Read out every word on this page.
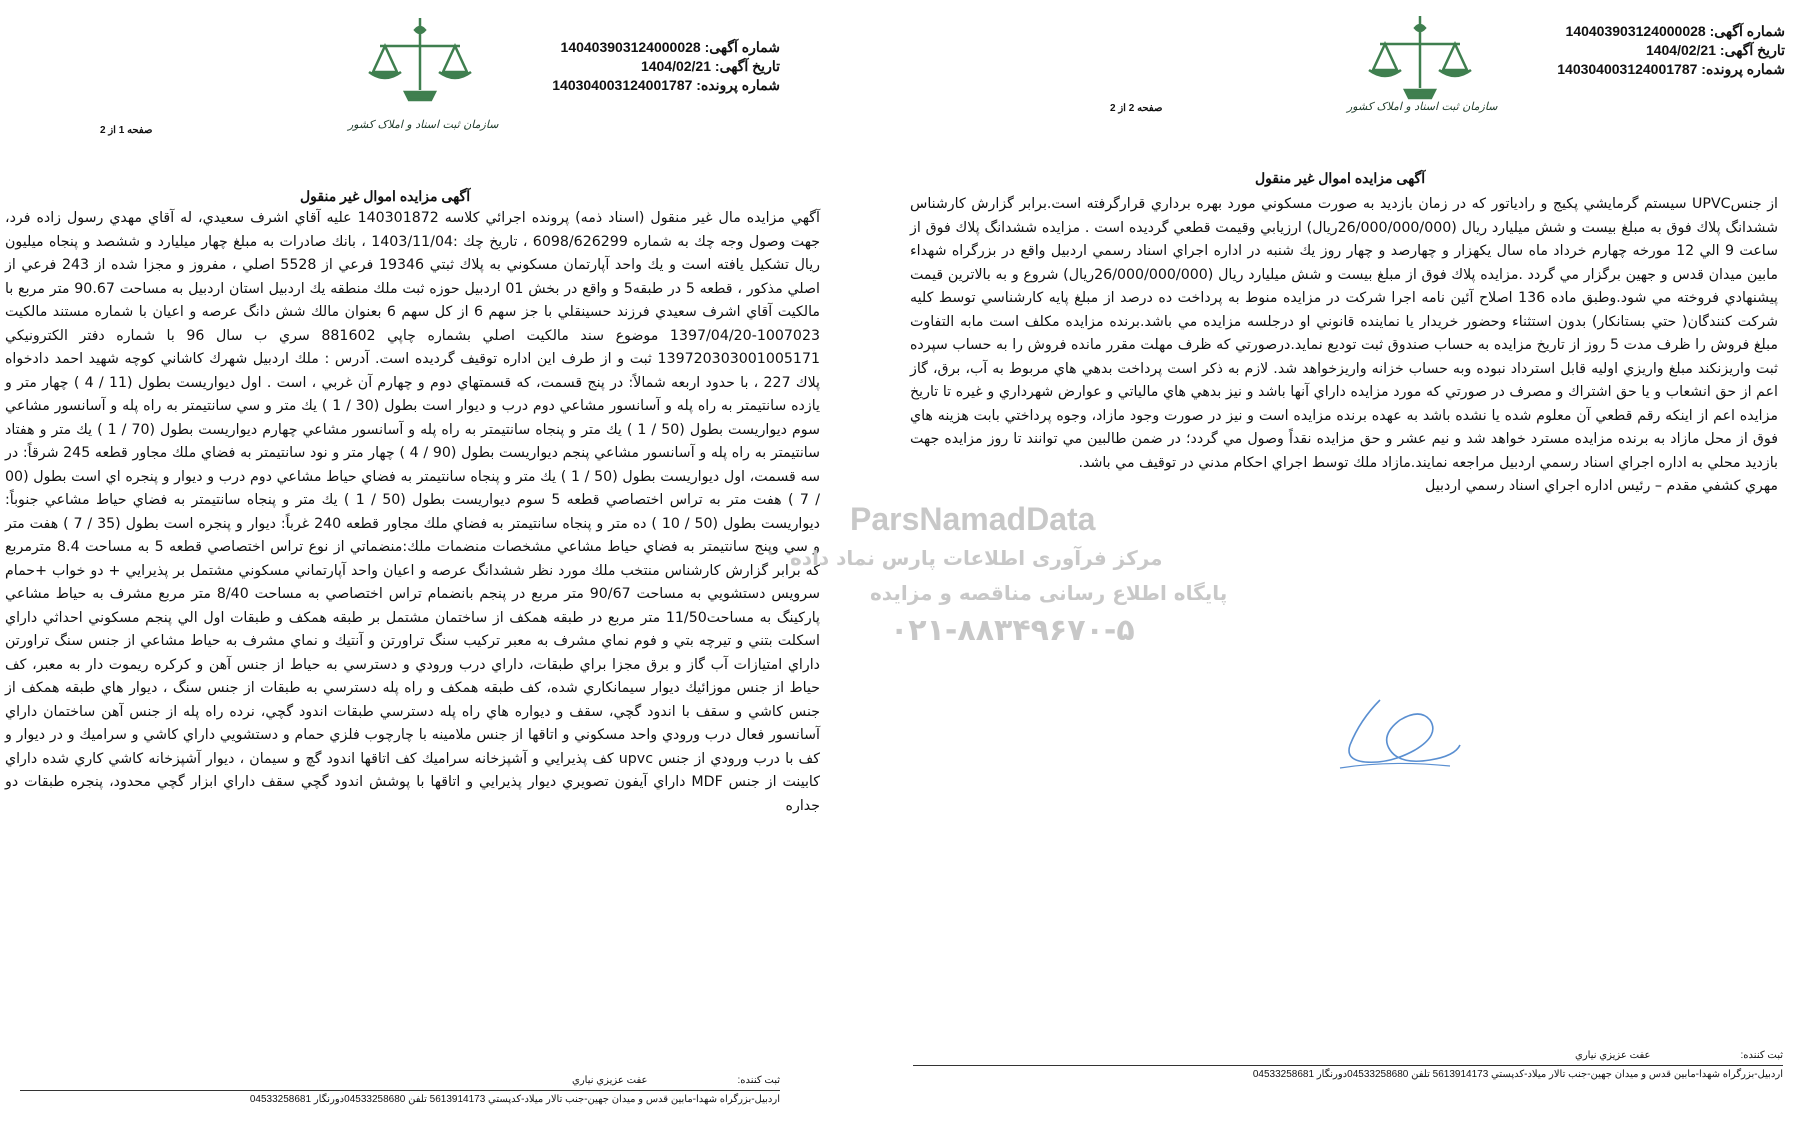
شماره آگهی: 140403903124000028
تاریخ آگهی: 1404/02/21
شماره پرونده: 140304003124001787
سازمان ثبت اسناد و املاک کشور
صفحه 1 از 2
آگهی مزایده اموال غیر منقول

آگهي مزايده مال غير منقول (اسناد ذمه) پرونده اجرائي كلاسه 140301872 عليه آقاي اشرف سعيدي، له آقاي مهدي رسول زاده فرد، جهت وصول وجه چك به شماره 6098/626299 ، تاريخ چك :1403/11/04 ، بانك صادرات به مبلغ چهار ميليارد و ششصد و پنجاه ميليون ريال تشكيل يافته است و يك واحد آپارتمان مسكوني به پلاك ثبتي 19346 فرعي از 5528 اصلي ، مفروز و مجزا شده از 243 فرعي از اصلي مذكور ، قطعه 5 در طبقه5 و واقع در بخش 01 اردبيل حوزه ثبت ملك منطقه يك اردبيل استان اردبيل به مساحت 90.67 متر مربع با مالكيت آقاي اشرف سعيدي فرزند حسينقلي با جز سهم 6 از كل سهم 6 بعنوان مالك شش دانگ عرصه و اعيان با شماره مستند مالكيت 1007023-1397/04/20 موضوع سند مالكيت اصلي بشماره چاپي 881602 سري ب سال 96 با شماره دفتر الكترونيكي 139720303001005171 ثبت و از طرف اين اداره توقيف گرديده است. آدرس : ملك اردبيل شهرك كاشاني كوچه شهيد احمد دادخواه پلاك 227 ، با حدود اربعه شمالاً: در پنج قسمت، كه قسمتهاي دوم و چهارم آن غربي ، است . اول ديواريست بطول (11 / 4 ) چهار متر و يازده سانتيمتر به راه پله و آسانسور مشاعي دوم درب و ديوار است بطول (30 / 1 ) يك متر و سي سانتيمتر به راه پله و آسانسور مشاعي سوم ديواريست بطول (50 / 1 ) يك متر و پنجاه سانتيمتر به راه پله و آسانسور مشاعي چهارم ديواريست بطول (70 / 1 ) يك متر و هفتاد سانتيمتر به راه پله و آسانسور مشاعي پنجم ديواريست بطول (90 / 4 ) چهار متر و نود سانتيمتر به فضاي ملك مجاور قطعه 245 شرقاً: در سه قسمت، اول ديواريست بطول (50 / 1 ) يك متر و پنجاه سانتيمتر به فضاي حياط مشاعي دوم درب و ديوار و پنجره اي است بطول (00 / 7 ) هفت متر به تراس اختصاصي قطعه 5 سوم ديواريست بطول (50 / 1 ) يك متر و پنجاه سانتيمتر به فضاي حياط مشاعي جنوباً: ديواريست بطول (50 / 10 ) ده متر و پنجاه سانتيمتر به فضاي ملك مجاور قطعه 240 غرباً: ديوار و پنجره است بطول (35 / 7 ) هفت متر و سي وپنج سانتيمتر به فضاي حياط مشاعي مشخصات منضمات ملك:منضماتي از نوع تراس اختصاصي قطعه 5 به مساحت 8.4 مترمربع كه برابر گزارش كارشناس منتخب ملك مورد نظر ششدانگ عرصه و اعيان واحد آپارتماني مسكوني مشتمل بر پذيرايي + دو خواب +حمام سرويس دستشويي به مساحت 90/67 متر مربع در پنجم بانضمام تراس اختصاصي به مساحت 8/40 متر مربع مشرف به حياط مشاعي پاركينگ به مساحت11/50 متر مربع در طبقه همكف از ساختمان مشتمل بر طبقه همكف و طبقات اول الي پنجم مسكوني احداثي داراي اسكلت بتني و تيرچه بتي و فوم نماي مشرف به معبر تركيب سنگ تراورتن و آنتيك و نماي مشرف به حياط مشاعي از جنس سنگ تراورتن داراي امتيازات آب گاز و برق مجزا براي طبقات، داراي درب ورودي و دسترسي به حياط از جنس آهن و كركره ريموت دار به معبر، كف حياط از جنس موزائيك ديوار سيمانكاري شده، كف طبقه همكف و راه پله دسترسي به طبقات از جنس سنگ ، ديوار هاي طبقه همكف از جنس كاشي و سقف با اندود گچي، سقف و ديواره هاي راه پله دسترسي طبقات اندود گچي، نرده راه پله از جنس آهن ساختمان داراي آسانسور فعال درب ورودي واحد مسكوني و اتاقها از جنس ملامينه با چارچوب فلزي حمام و دستشويي داراي كاشي و سراميك و در ديوار و كف با درب ورودي از جنس upvc كف پذيرايي و آشپزخانه سراميك كف اتاقها اندود گچ و سيمان ، ديوار آشپزخانه كاشي كاري شده داراي كابينت از جنس MDF داراي آيفون تصويري ديوار پذيرايي و اتاقها با پوشش اندود گچي سقف داراي ابزار گچي محدود، پنجره طبقات دو جداره

ثبت كننده:
عفت عزيزي نياري
اردبيل-بزرگراه شهدا-مابين قدس و ميدان جهين-جنب تالار ميلاد-كدپستي 5613914173 تلفن 04533258680دورنگار 04533258681
ParsNamadData
مرکز فرآوری اطلاعات پارس نماد داده
پایگاه اطلاع رسانی مناقصه و مزایده
۰۲۱-۸۸۳۴۹۶۷۰-۵
شماره آگهی: 140403903124000028
تاریخ آگهی: 1404/02/21
شماره پرونده: 140304003124001787
سازمان ثبت اسناد و املاک کشور
صفحه 2 از 2
آگهی مزایده اموال غیر منقول

از جنسUPVC سيستم گرمايشي پكيج و رادياتور كه در زمان بازديد به صورت مسكوني مورد بهره برداري قرارگرفته است.برابر گزارش كارشناس ششدانگ پلاك فوق به مبلغ بيست و شش ميليارد ريال (26/000/000/000ريال) ارزيابي وقيمت قطعي گرديده است . مزايده ششدانگ پلاك فوق از ساعت 9 الي 12 مورخه چهارم خرداد ماه سال يكهزار و چهارصد و چهار روز يك شنبه در اداره اجراي اسناد رسمي اردبيل واقع در بزرگراه شهداء مابين ميدان قدس و جهين برگزار مي گردد .مزايده پلاك فوق از مبلغ بيست و شش ميليارد ريال (26/000/000/000ريال) شروع و به بالاترين قيمت پيشنهادي فروخته مي شود.وطبق ماده 136 اصلاح آئين نامه اجرا شركت در مزايده منوط به پرداخت ده درصد از مبلغ پايه كارشناسي توسط كليه شركت كنندگان( حتي بستانكار) بدون استثناء وحضور خريدار يا نماينده قانوني او درجلسه مزايده مي باشد.برنده مزايده مكلف است مابه التفاوت مبلغ فروش را ظرف مدت 5 روز از تاريخ مزايده به حساب صندوق ثبت توديع نمايد.درصورتي كه ظرف مهلت مقرر مانده فروش را به حساب سپرده ثبت واريزنكند مبلغ واريزي اوليه قابل استرداد نبوده وبه حساب خزانه واريزخواهد شد. لازم به ذكر است پرداخت بدهي هاي مربوط به آب، برق، گاز اعم از حق انشعاب و يا حق اشتراك و مصرف در صورتي كه مورد مزايده داراي آنها باشد و نيز بدهي هاي مالياتي و عوارض شهرداري و غيره تا تاريخ مزايده اعم از اينكه رقم قطعي آن معلوم شده يا نشده باشد به عهده برنده مزايده است و نيز در صورت وجود مازاد، وجوه پرداختي بابت هزينه هاي فوق از محل مازاد به برنده مزايده مسترد خواهد شد و نيم عشر و حق مزايده نقداً وصول مي گردد؛ در ضمن طالبين مي توانند تا روز مزايده جهت بازديد محلي به اداره اجراي اسناد رسمي اردبيل مراجعه نمايند.مازاد ملك توسط اجراي احكام مدني در توقيف مي باشد.

مهري كشفي مقدم – رئيس اداره اجراي اسناد رسمي اردبيل

ثبت كننده:
عفت عزيزي نياري
اردبيل-بزرگراه شهدا-مابين قدس و ميدان جهين-جنب تالار ميلاد-كدپستي 5613914173 تلفن 04533258680دورنگار 04533258681
